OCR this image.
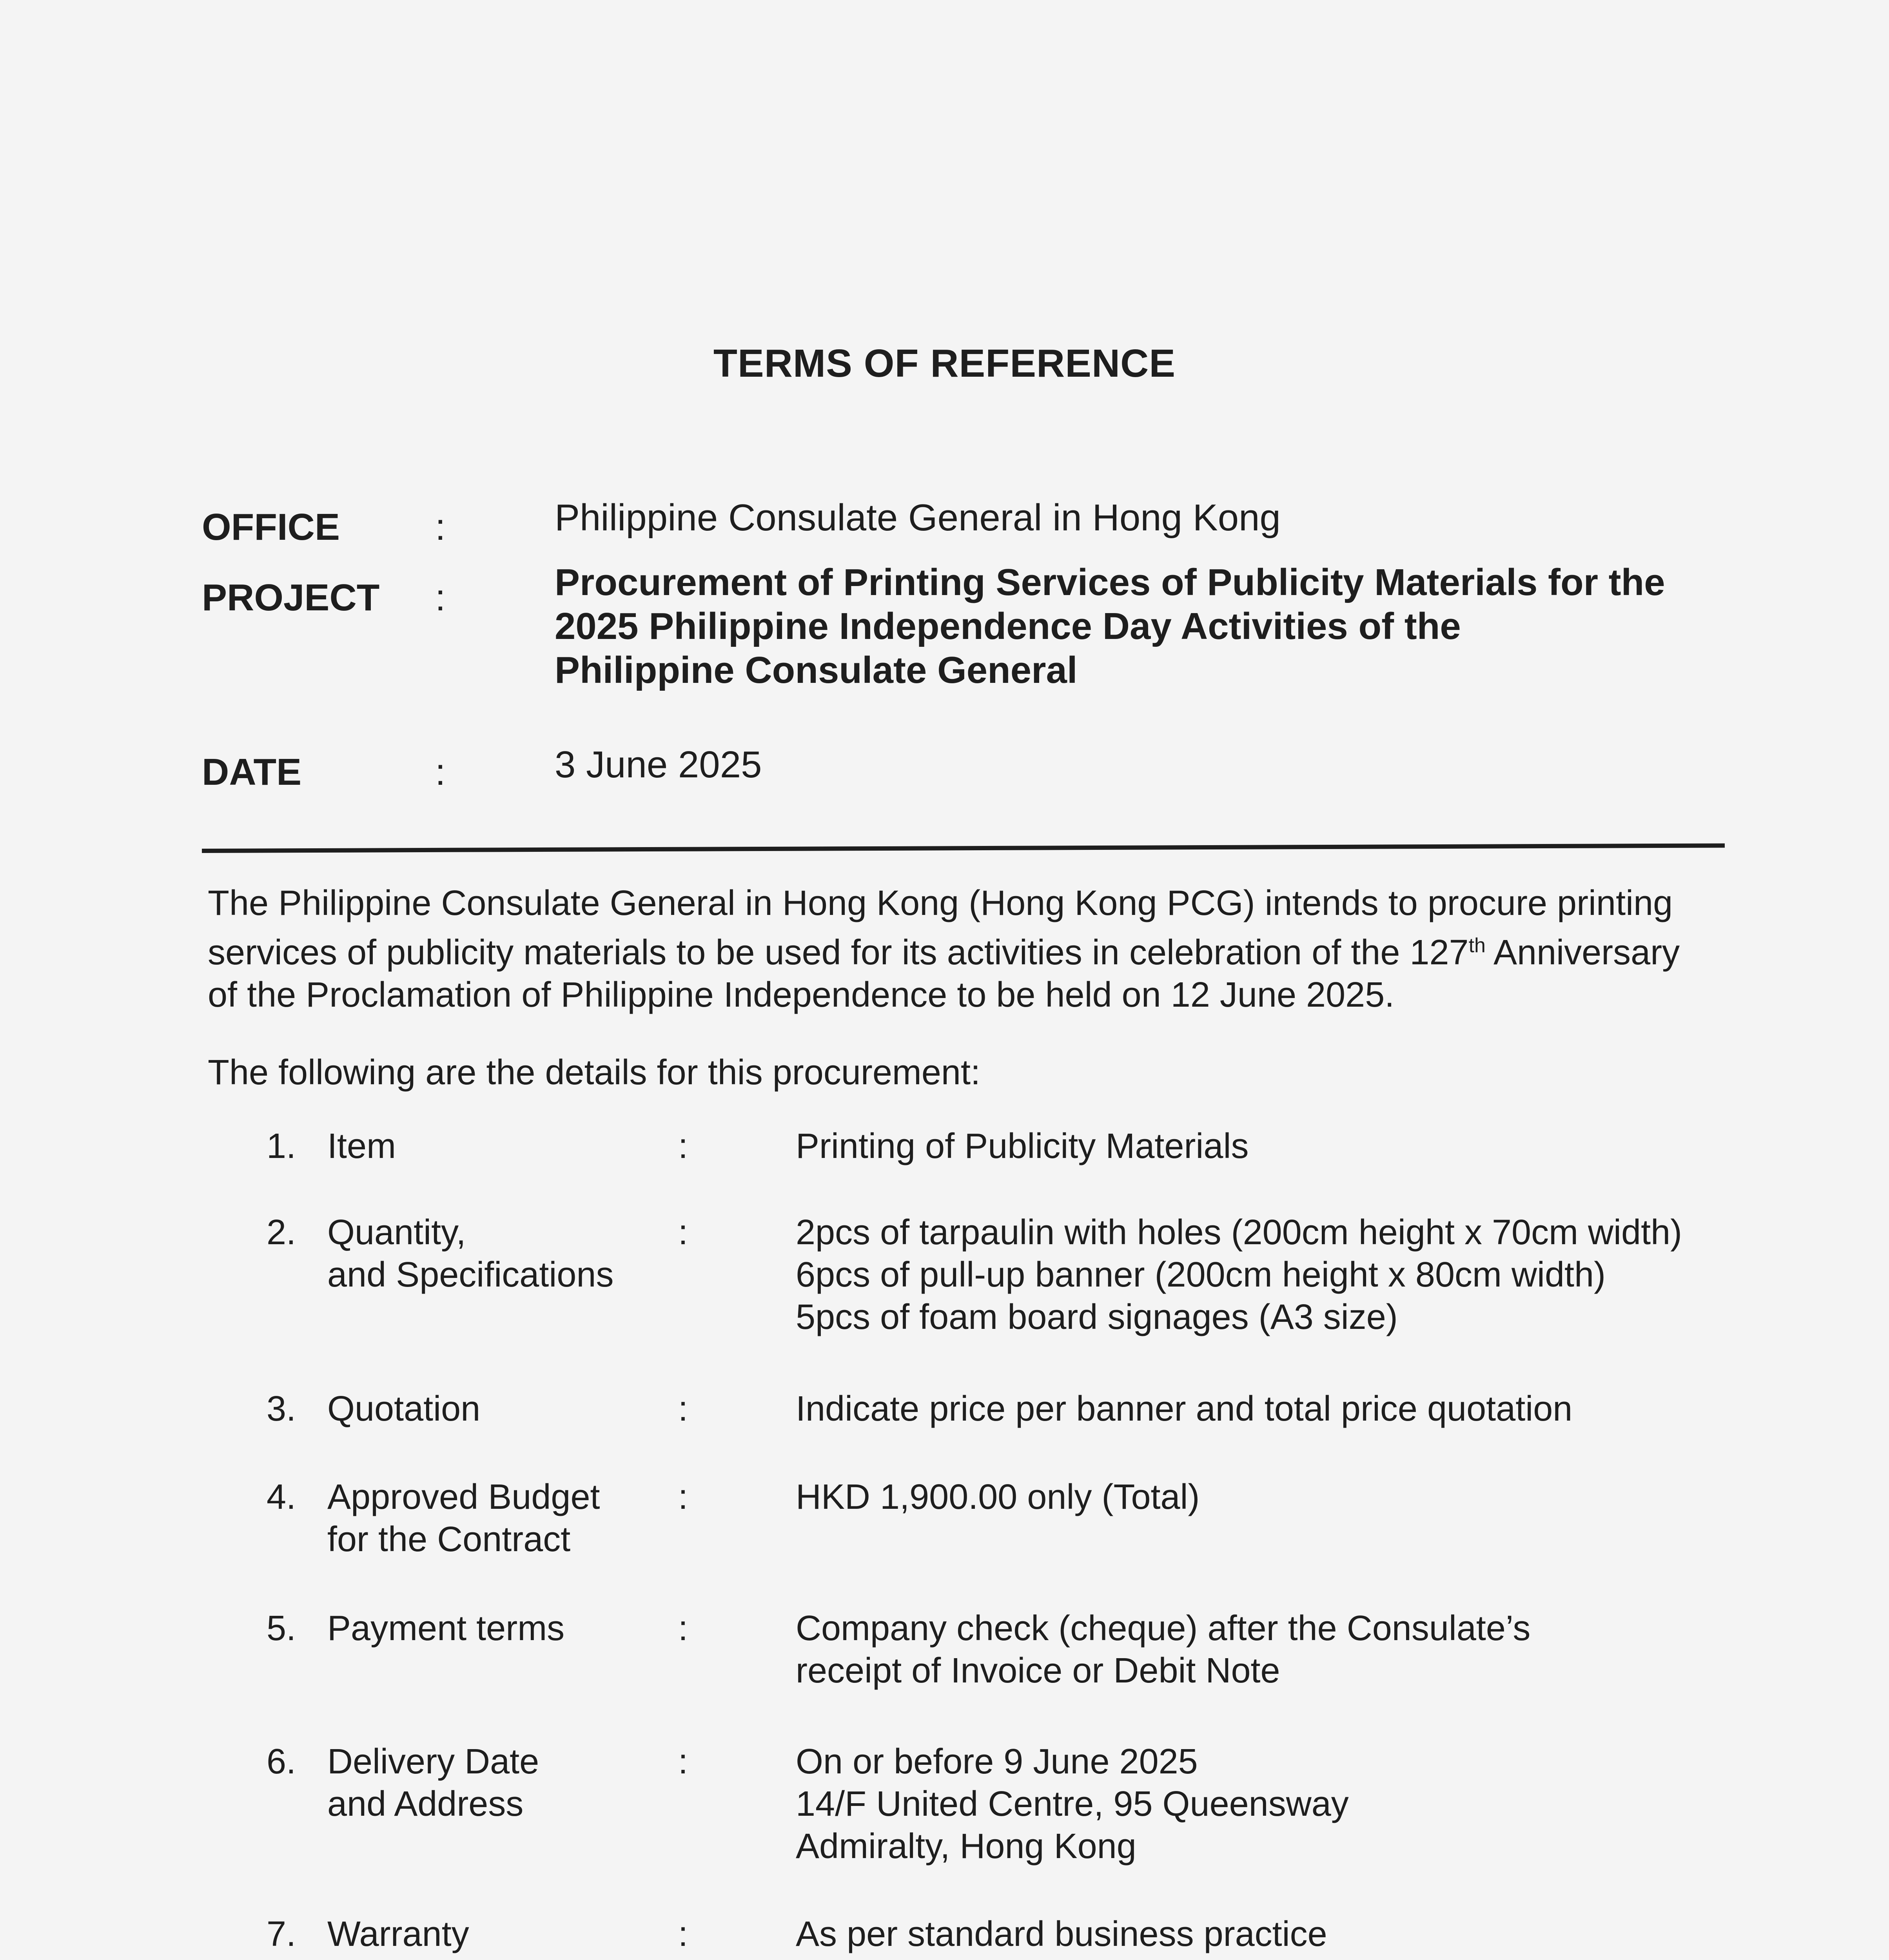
TERMS OF REFERENCE
OFFICE	:	Philippine Consulate General in Hong Kong
PROJECT :	Procurement of Printing Services of Publicity Materials for the
2025 Philippine Independence Day Activities of the
Philippine Consulate General
DATE	:	3 June 2025
The Philippine Consulate General in Hong Kong (Hong Kong PCG) intends to procure printing
services of publicity materials to be used for its activities in celebration of the 127th Anniversary
of the Proclamation of Philippine Independence to be held on 12 June 2025.
The following are the details for this procurement:
1. Item	:	Printing of Publicity Materials
2. Quantity,
and Specifications
:	2pcs of tarpaulin with holes (200cm height x 70cm width)
6pcs of pull-up banner (200cm height x 80cm width)
5pcs of foam board signages (A3 size)
3. Quotation	:	Indicate price per banner and total price quotation
4. Approved Budget
for the Contract
:	HKD 1,900.00 only (Total)
5. Payment terms	:	Company check (cheque) after the Consulate’s
receipt of Invoice or Debit Note
6. Delivery Date
and Address
:	On or before 9 June 2025
14/F United Centre, 95 Queensway
Admiralty, Hong Kong
7. Warranty	:	As per standard business practice
